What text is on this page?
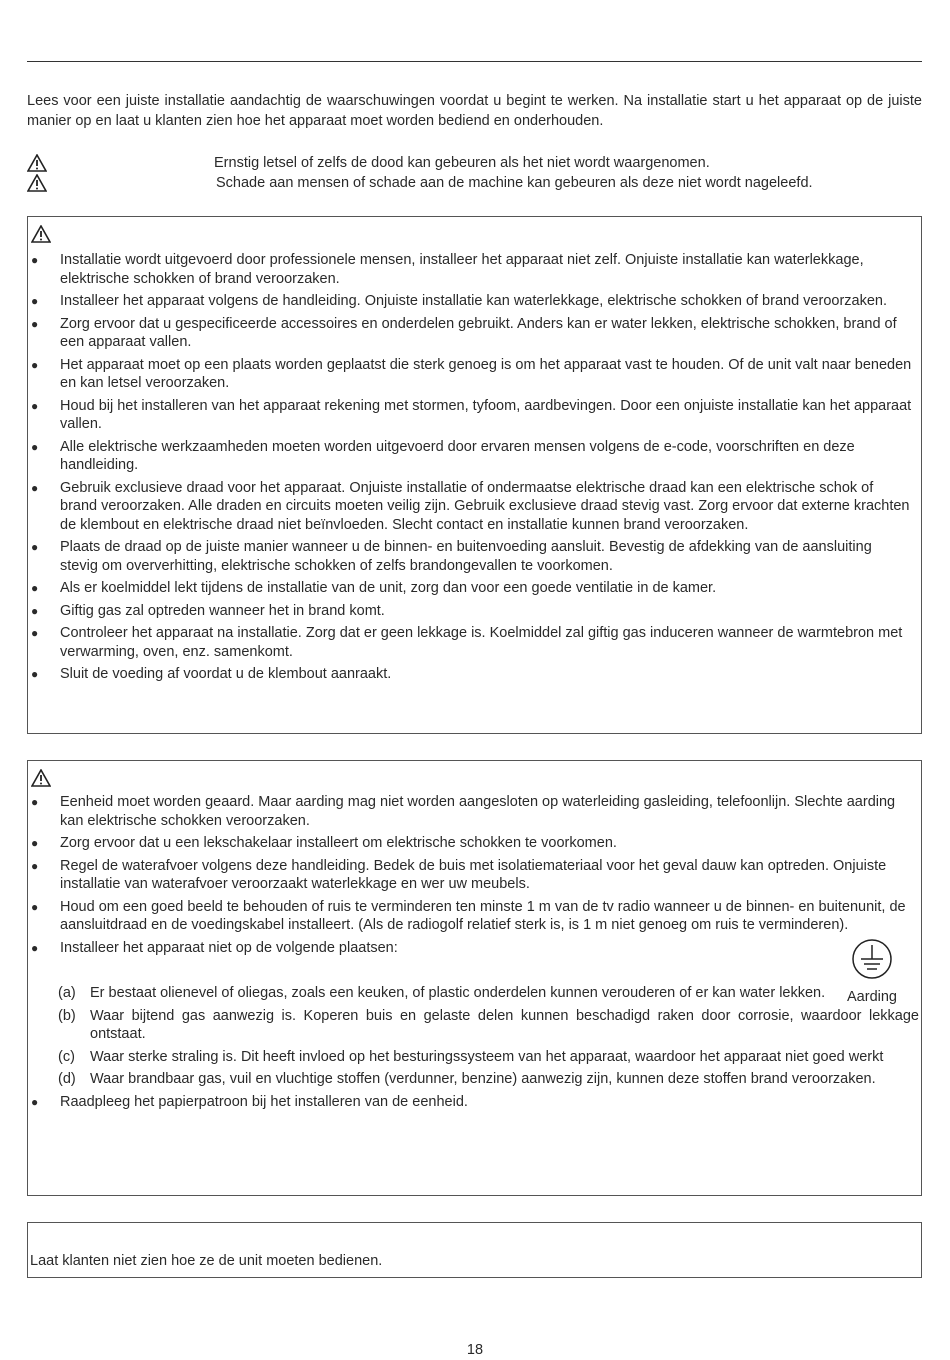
Lees voor een juiste installatie aandachtig de waarschuwingen voordat u begint te werken. Na installatie start u het apparaat op de juiste manier op en laat u klanten zien hoe het apparaat moet worden bediend en onderhouden.

Ernstig letsel of zelfs de dood kan gebeuren als het niet wordt waargenomen.
Schade aan mensen of schade aan de machine kan gebeuren als deze niet wordt nageleefd.
● Installatie wordt uitgevoerd door professionele mensen, installeer het apparaat niet zelf. Onjuiste installatie kan waterlekkage, elektrische schokken of brand veroorzaken.
● Installeer het apparaat volgens de handleiding. Onjuiste installatie kan waterlekkage, elektrische schokken of brand veroorzaken.
● Zorg ervoor dat u gespecificeerde accessoires en onderdelen gebruikt. Anders kan er water lekken, elektrische schokken, brand of een apparaat vallen.
● Het apparaat moet op een plaats worden geplaatst die sterk genoeg is om het apparaat vast te houden. Of de unit valt naar beneden en kan letsel veroorzaken.
● Houd bij het installeren van het apparaat rekening met stormen, tyfoom, aardbevingen. Door een onjuiste installatie kan het apparaat vallen.
● Alle elektrische werkzaamheden moeten worden uitgevoerd door ervaren mensen volgens de e-code, voorschriften en deze handleiding.
● Gebruik exclusieve draad voor het apparaat. Onjuiste installatie of ondermaatse elektrische draad kan een elektrische schok of brand veroorzaken. Alle draden en circuits moeten veilig zijn. Gebruik exclusieve draad stevig vast. Zorg ervoor dat externe krachten de klembout en elektrische draad niet beïnvloeden. Slecht contact en installatie kunnen brand veroorzaken.
● Plaats de draad op de juiste manier wanneer u de binnen- en buitenvoeding aansluit. Bevestig de afdekking van de aansluiting stevig om oververhitting, elektrische schokken of zelfs brandongevallen te voorkomen.
● Als er koelmiddel lekt tijdens de installatie van de unit, zorg dan voor een goede ventilatie in de kamer.
● Giftig gas zal optreden wanneer het in brand komt.
● Controleer het apparaat na installatie. Zorg dat er geen lekkage is. Koelmiddel zal giftig gas induceren wanneer de warmtebron met verwarming, oven, enz. samenkomt.
● Sluit de voeding af voordat u de klembout aanraakt.
Aarding
● Eenheid moet worden geaard. Maar aarding mag niet worden aangesloten op waterleiding gasleiding, telefoonlijn. Slechte aarding kan elektrische schokken veroorzaken.
● Zorg ervoor dat u een lekschakelaar installeert om elektrische schokken te voorkomen.
● Regel de waterafvoer volgens deze handleiding. Bedek de buis met isolatiemateriaal voor het geval dauw kan optreden. Onjuiste installatie van waterafvoer veroorzaakt waterlekkage en wer uw meubels.
● Houd om een goed beeld te behouden of ruis te verminderen ten minste 1 m van de tv radio wanneer u de binnen- en buitenunit, de aansluitdraad en de voedingskabel installeert. (Als de radiogolf relatief sterk is, is 1 m niet genoeg om ruis te verminderen).
● Installeer het apparaat niet op de volgende plaatsen:
(a) Er bestaat olienevel of oliegas, zoals een keuken, of plastic onderdelen kunnen verouderen of er kan water lekken.
(b) Waar bijtend gas aanwezig is. Koperen buis en gelaste delen kunnen beschadigd raken door corrosie, waardoor lekkage ontstaat.
(c) Waar sterke straling is. Dit heeft invloed op het besturingssysteem van het apparaat, waardoor het apparaat niet goed werkt
(d) Waar brandbaar gas, vuil en vluchtige stoffen (verdunner, benzine) aanwezig zijn, kunnen deze stoffen brand veroorzaken.
● Raadpleeg het papierpatroon bij het installeren van de eenheid.
Laat klanten niet zien hoe ze de unit moeten bedienen.
18
